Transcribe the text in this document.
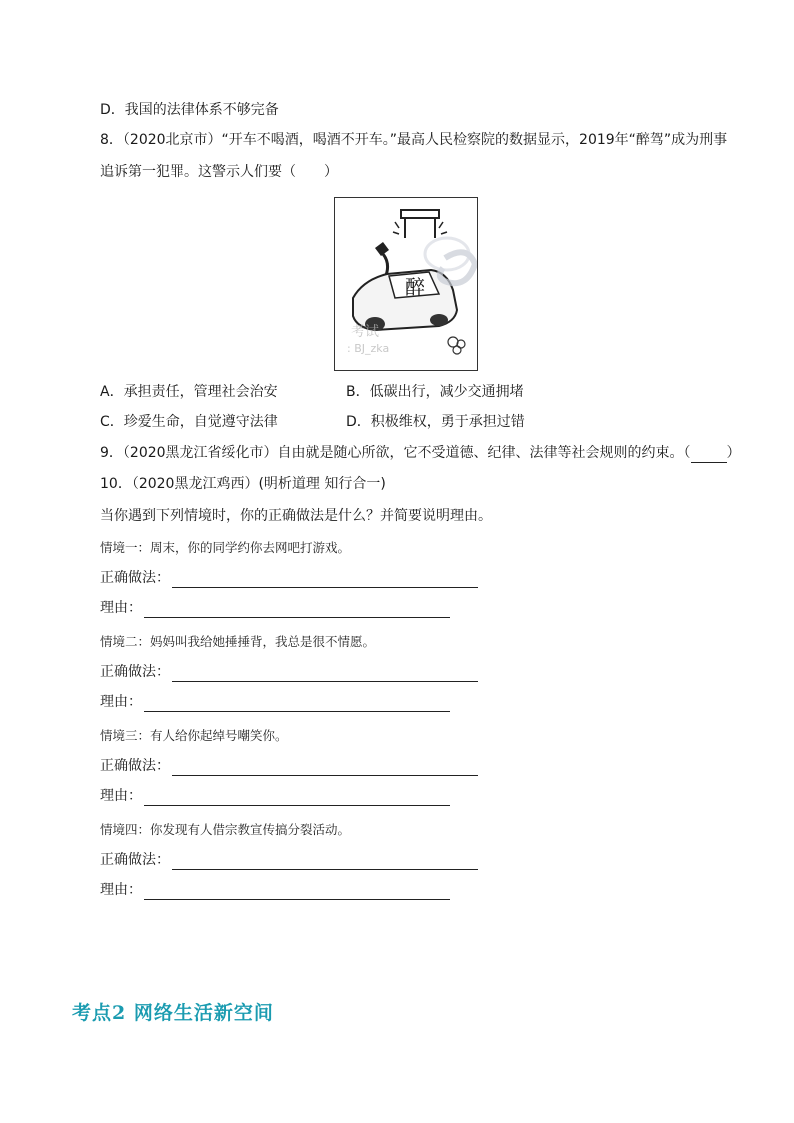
D．我国的法律体系不够完备
8．（2020北京市）“开车不喝酒，喝酒不开车。”最高人民检察院的数据显示，2019年“醉驾”成为刑事
追诉第一犯罪。这警示人们要（　　）
醉
考试
: BJ_zka
A．承担责任，管理社会治安	B．低碳出行，减少交通拥堵
C．珍爱生命，自觉遵守法律	D．积极维权，勇于承担过错
9．（2020黑龙江省绥化市）自由就是随心所欲，它不受道德、纪律、法律等社会规则的约束。（	）
10．（2020黑龙江鸡西）(明析道理 知行合一)
当你遇到下列情境时，你的正确做法是什么？并简要说明理由。
情境一：周末，你的同学约你去网吧打游戏。
正确做法：
理由：
情境二：妈妈叫我给她捶捶背，我总是很不情愿。
正确做法：
理由：
情境三：有人给你起绰号嘲笑你。
正确做法：
理由：
情境四：你发现有人借宗教宣传搞分裂活动。
正确做法：
理由：
考点2 网络生活新空间
